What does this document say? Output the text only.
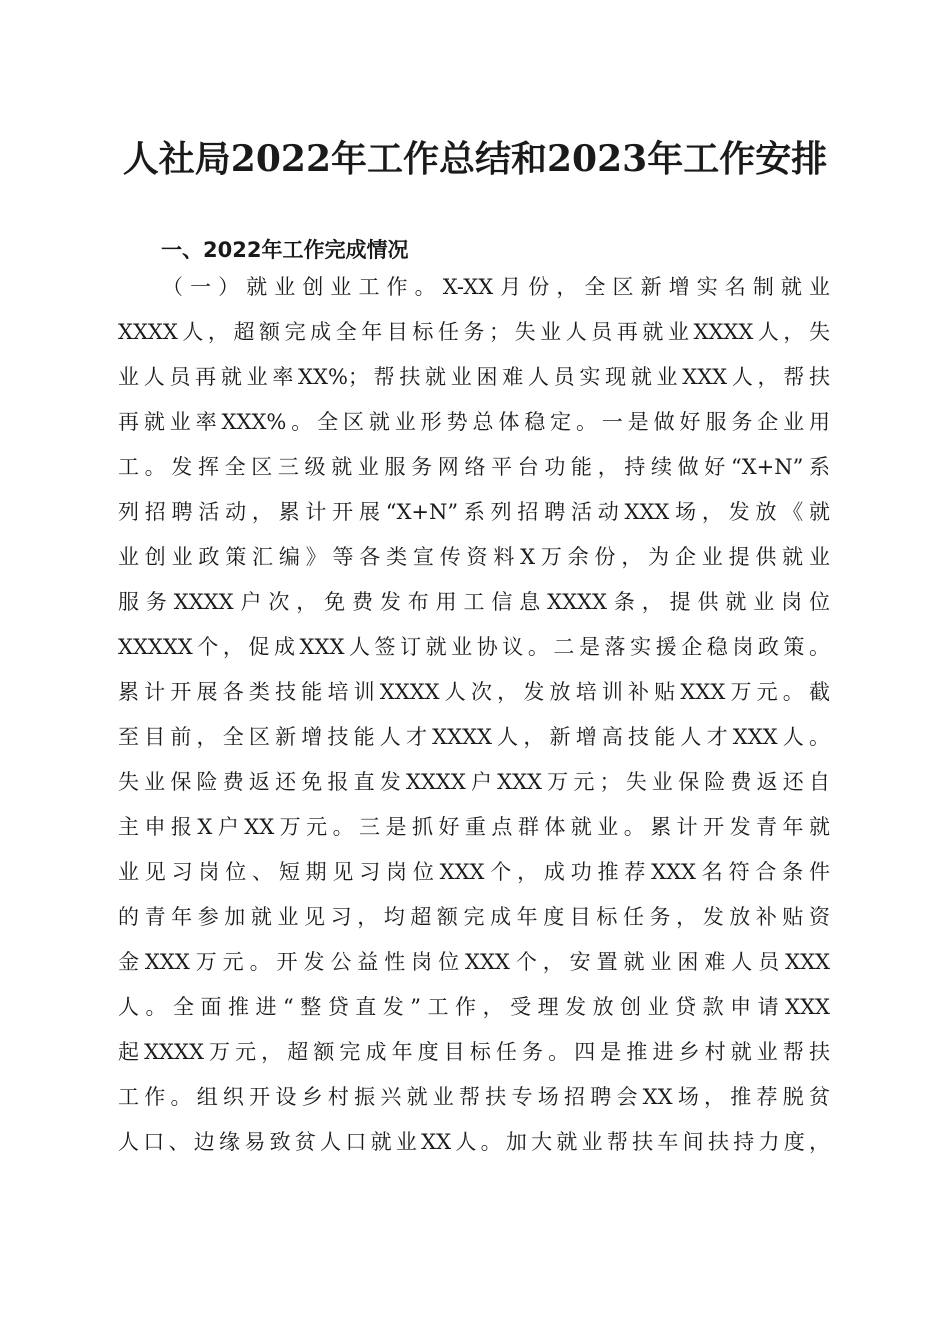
人社局2022年工作总结和2023年工作安排
一、2022年工作完成情况
（一）就业创业工作。X-XX月份，全区新增实名制就业
XXXX人，超额完成全年目标任务；失业人员再就业XXXX人，失
业人员再就业率XX%；帮扶就业困难人员实现就业XXX人，帮扶
再就业率XXX%。全区就业形势总体稳定。一是做好服务企业用
工。发挥全区三级就业服务网络平台功能，持续做好“X+N”系
列招聘活动，累计开展“X+N”系列招聘活动XXX场，发放《就
业创业政策汇编》等各类宣传资料X万余份，为企业提供就业
服务XXXX户次，免费发布用工信息XXXX条，提供就业岗位
XXXXX个，促成XXX人签订就业协议。二是落实援企稳岗政策。
累计开展各类技能培训XXXX人次，发放培训补贴XXX万元。截
至目前，全区新增技能人才XXXX人，新增高技能人才XXX人。
失业保险费返还免报直发XXXX户XXX万元；失业保险费返还自
主申报X户XX万元。三是抓好重点群体就业。累计开发青年就
业见习岗位、短期见习岗位XXX个，成功推荐XXX名符合条件
的青年参加就业见习，均超额完成年度目标任务，发放补贴资
金XXX万元。开发公益性岗位XXX个，安置就业困难人员XXX
人。全面推进“整贷直发”工作，受理发放创业贷款申请XXX
起XXXX万元，超额完成年度目标任务。四是推进乡村就业帮扶
工作。组织开设乡村振兴就业帮扶专场招聘会XX场，推荐脱贫
人口、边缘易致贫人口就业XX人。加大就业帮扶车间扶持力度，
